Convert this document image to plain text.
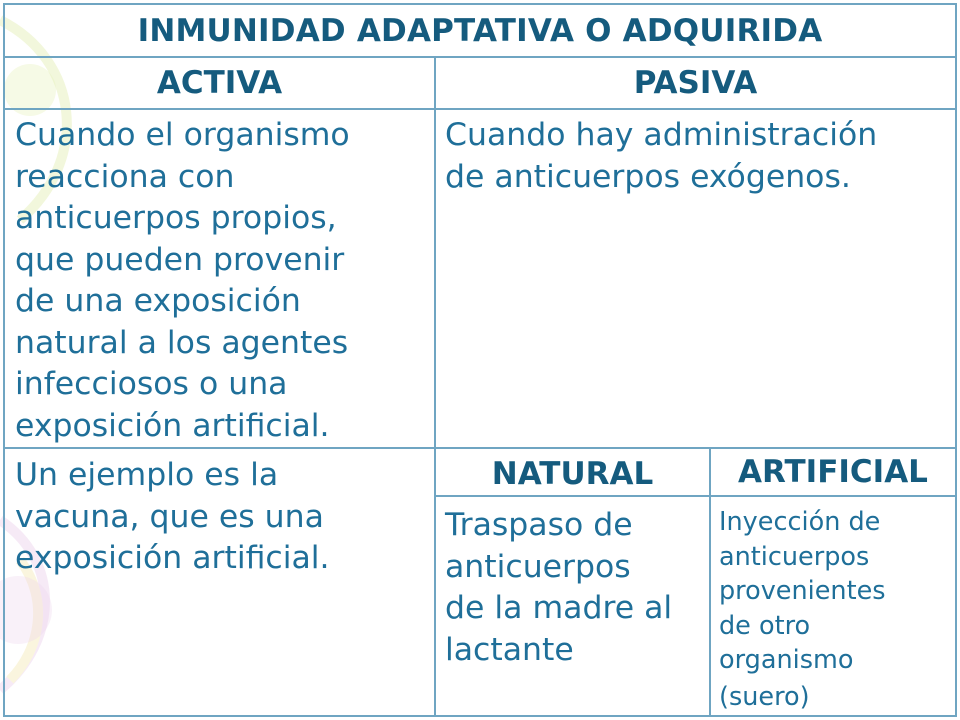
INMUNIDAD ADAPTATIVA O ADQUIRIDA
ACTIVA	PASIVA
Cuando el organismo
reacciona con
anticuerpos propios,
que pueden provenir
de una exposición
natural a los agentes
infecciosos o una
exposición artificial.
Cuando hay administración
de anticuerpos exógenos.
Un ejemplo es la
vacuna, que es una
exposición artificial.
NATURAL	ARTIFICIAL
Traspaso de
anticuerpos
de la madre al
lactante
Inyección de
anticuerpos
provenientes
de otro
organismo
(suero)
